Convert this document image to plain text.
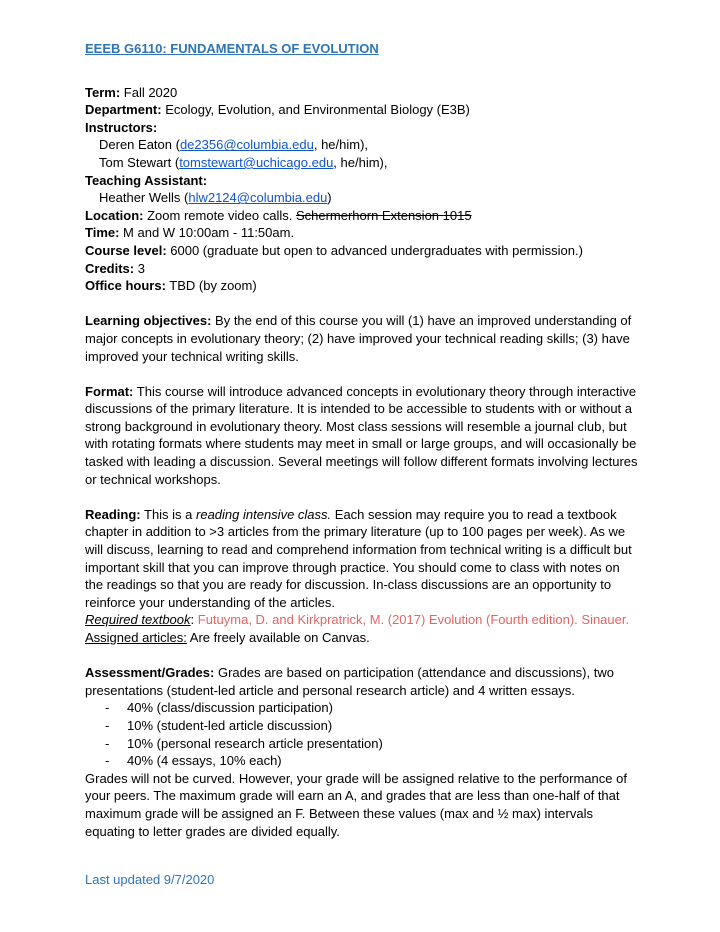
EEEB G6110: FUNDAMENTALS OF EVOLUTION
Term: Fall 2020
Department: Ecology, Evolution, and Environmental Biology (E3B)
Instructors:
Deren Eaton (de2356@columbia.edu, he/him),
Tom Stewart (tomstewart@uchicago.edu, he/him),
Teaching Assistant:
Heather Wells (hlw2124@columbia.edu)
Location: Zoom remote video calls. Schermerhorn Extension 1015
Time: M and W 10:00am - 11:50am.
Course level: 6000 (graduate but open to advanced undergraduates with permission.)
Credits: 3
Office hours: TBD (by zoom)
Learning objectives: By the end of this course you will (1) have an improved understanding of
major concepts in evolutionary theory; (2) have improved your technical reading skills; (3) have
improved your technical writing skills.
Format: This course will introduce advanced concepts in evolutionary theory through interactive
discussions of the primary literature. It is intended to be accessible to students with or without a
strong background in evolutionary theory. Most class sessions will resemble a journal club, but
with rotating formats where students may meet in small or large groups, and will occasionally be
tasked with leading a discussion. Several meetings will follow different formats involving lectures
or technical workshops.
Reading: This is a reading intensive class. Each session may require you to read a textbook
chapter in addition to >3 articles from the primary literature (up to 100 pages per week). As we
will discuss, learning to read and comprehend information from technical writing is a difficult but
important skill that you can improve through practice. You should come to class with notes on
the readings so that you are ready for discussion. In-class discussions are an opportunity to
reinforce your understanding of the articles.
Required textbook: Futuyma, D. and Kirkpratrick, M. (2017) Evolution (Fourth edition). Sinauer.
Assigned articles: Are freely available on Canvas.
Assessment/Grades: Grades are based on participation (attendance and discussions), two
presentations (student-led article and personal research article) and 4 written essays.
- 40% (class/discussion participation)
- 10% (student-led article discussion)
- 10% (personal research article presentation)
- 40% (4 essays, 10% each)
Grades will not be curved. However, your grade will be assigned relative to the performance of
your peers. The maximum grade will earn an A, and grades that are less than one-half of that
maximum grade will be assigned an F. Between these values (max and ½ max) intervals
equating to letter grades are divided equally.
Last updated 9/7/2020
